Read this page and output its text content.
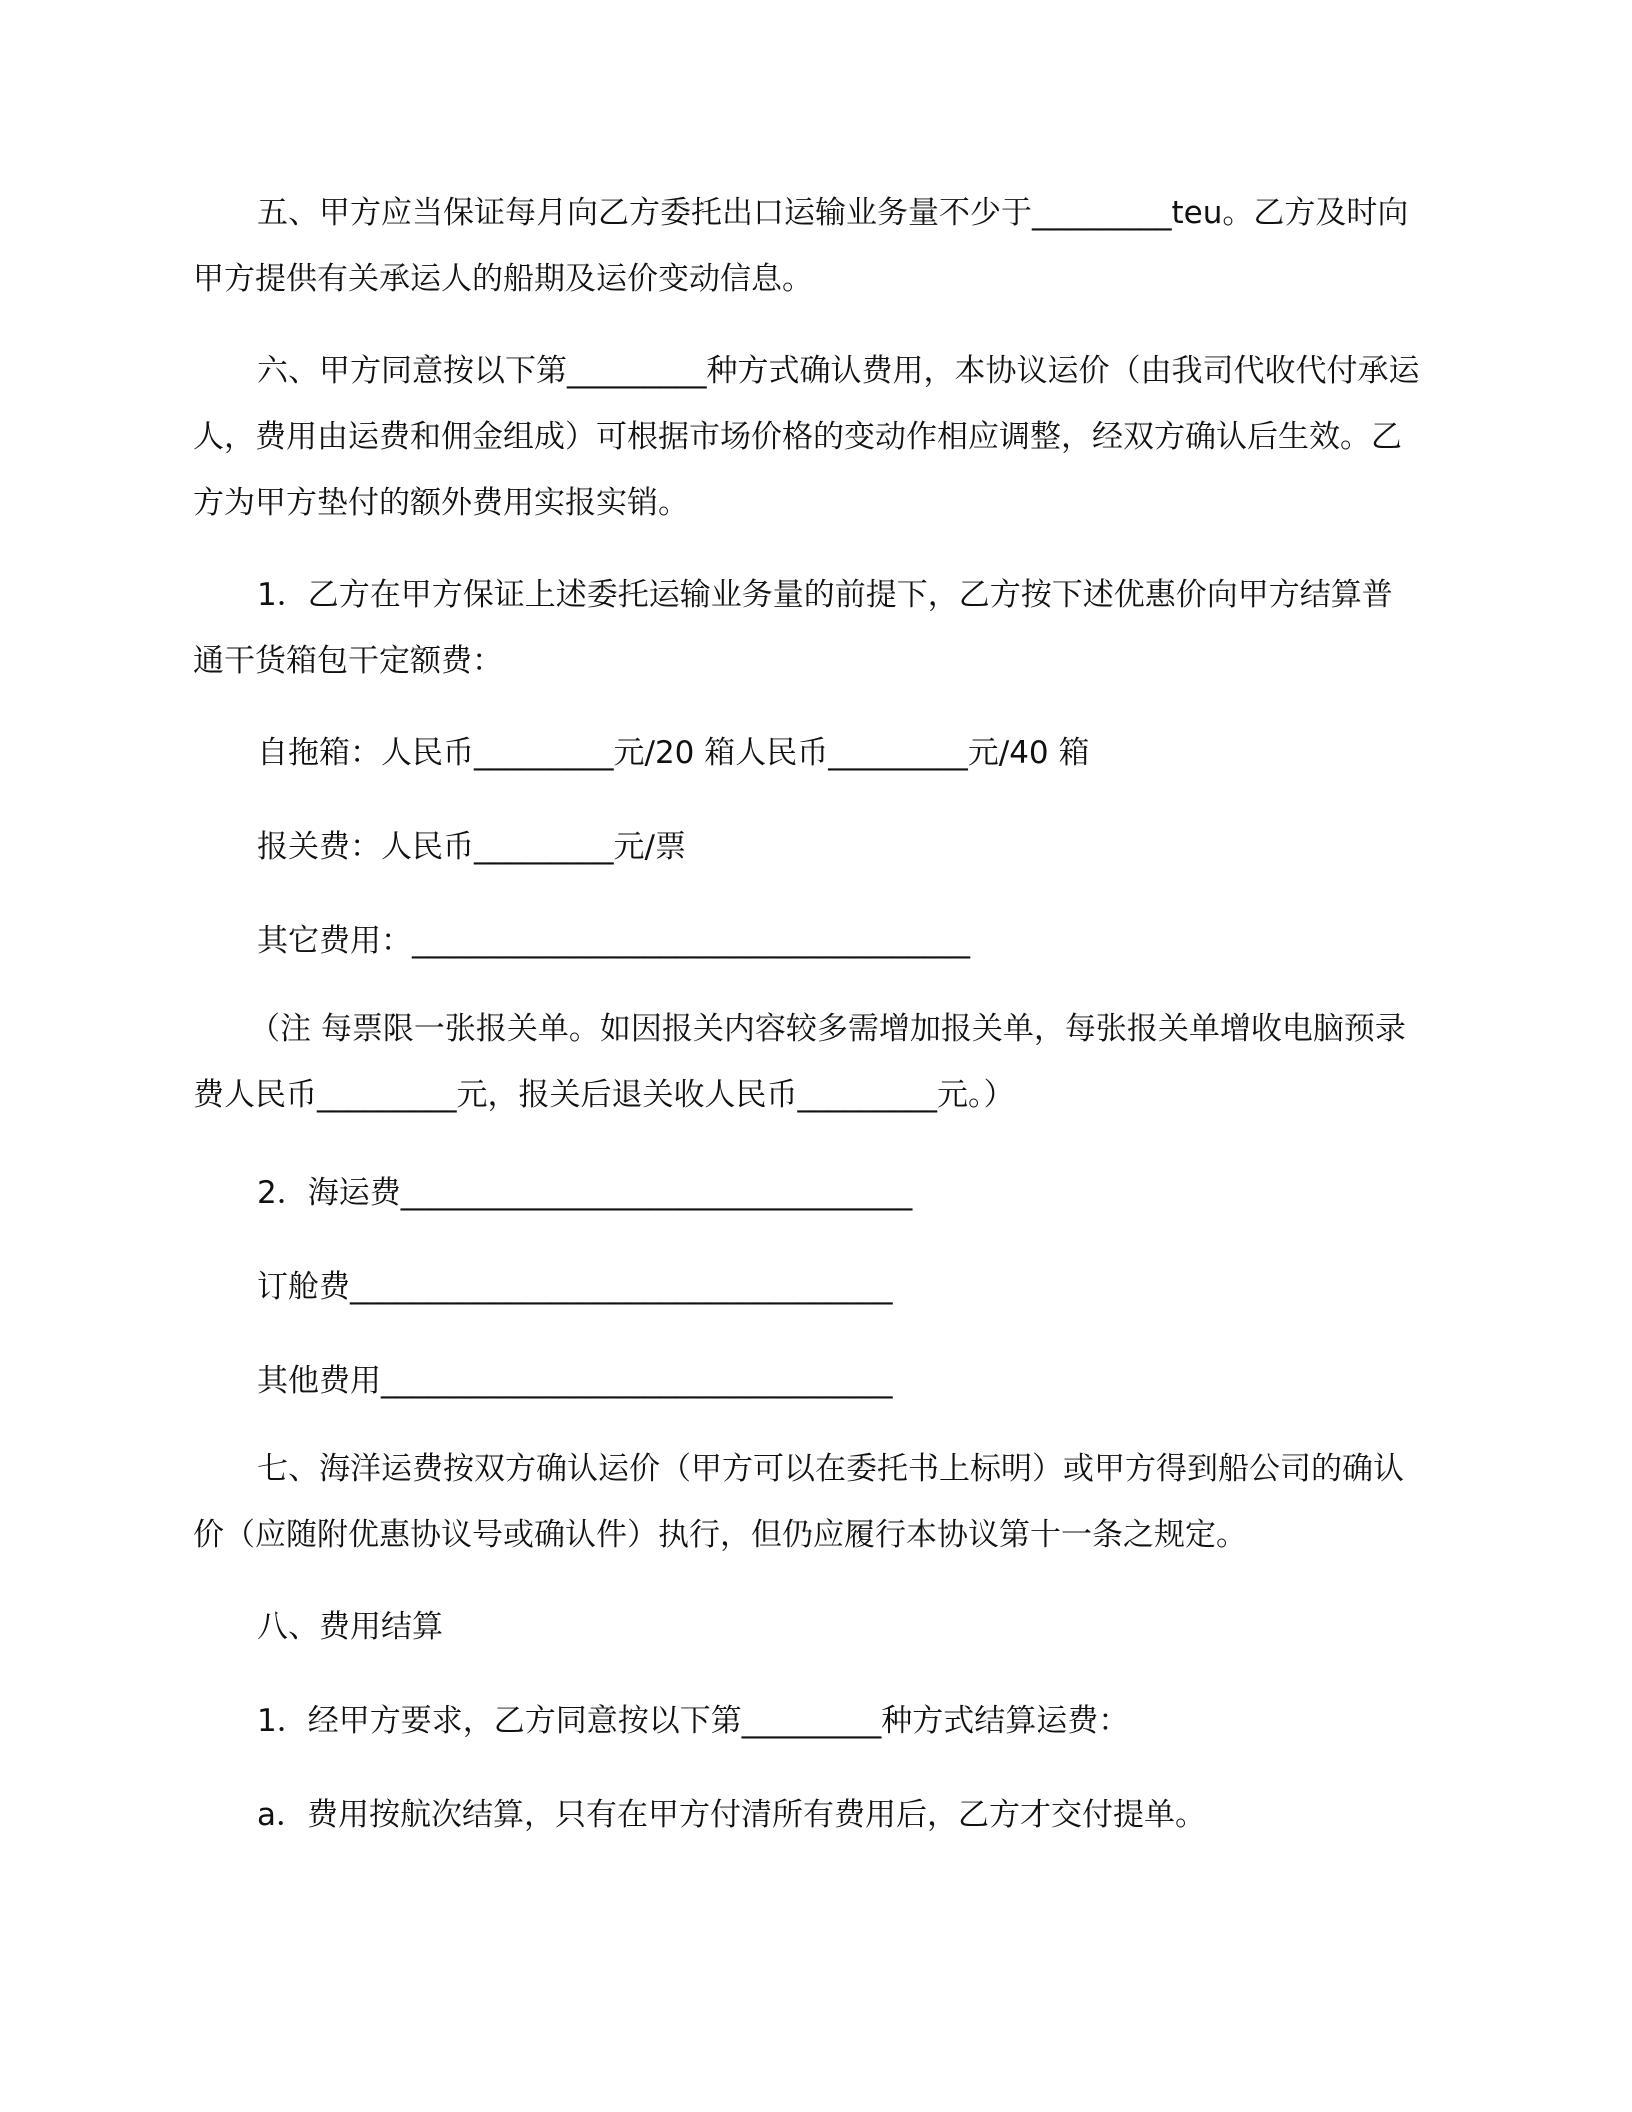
五、甲方应当保证每月向乙方委托出口运输业务量不少于_________teu。乙方及时向甲方提供有关承运人的船期及运价变动信息。

六、甲方同意按以下第_________种方式确认费用，本协议运价（由我司代收代付承运人，费用由运费和佣金组成）可根据市场价格的变动作相应调整，经双方确认后生效。乙方为甲方垫付的额外费用实报实销。

1．乙方在甲方保证上述委托运输业务量的前提下，乙方按下述优惠价向甲方结算普通干货箱包干定额费：

自拖箱：人民币_________元/20 箱人民币_________元/40 箱

报关费：人民币_________元/票

其它费用：____________________________________

（注 每票限一张报关单。如因报关内容较多需增加报关单，每张报关单增收电脑预录费人民币_________元，报关后退关收人民币_________元。）

2．海运费_________________________________

订舱费___________________________________

其他费用_________________________________

七、海洋运费按双方确认运价（甲方可以在委托书上标明）或甲方得到船公司的确认价（应随附优惠协议号或确认件）执行，但仍应履行本协议第十一条之规定。

八、费用结算

1．经甲方要求，乙方同意按以下第_________种方式结算运费：

a．费用按航次结算，只有在甲方付清所有费用后，乙方才交付提单。
